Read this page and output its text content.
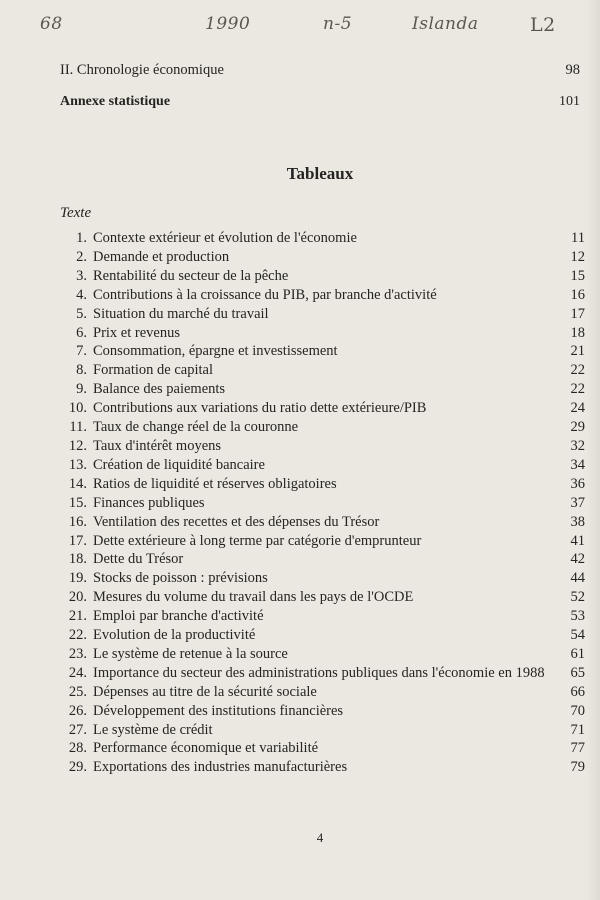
68	1990	n-5	Islanda	L2
II. Chronologie économique	98
Annexe statistique	101
Tableaux
Texte
1. Contexte extérieur et évolution de l'économie	11
2. Demande et production	12
3. Rentabilité du secteur de la pêche	15
4. Contributions à la croissance du PIB, par branche d'activité	16
5. Situation du marché du travail	17
6. Prix et revenus	18
7. Consommation, épargne et investissement	21
8. Formation de capital	22
9. Balance des paiements	22
10. Contributions aux variations du ratio dette extérieure/PIB	24
11. Taux de change réel de la couronne	29
12. Taux d'intérêt moyens	32
13. Création de liquidité bancaire	34
14. Ratios de liquidité et réserves obligatoires	36
15. Finances publiques	37
16. Ventilation des recettes et des dépenses du Trésor	38
17. Dette extérieure à long terme par catégorie d'emprunteur	41
18. Dette du Trésor	42
19. Stocks de poisson : prévisions	44
20. Mesures du volume du travail dans les pays de l'OCDE	52
21. Emploi par branche d'activité	53
22. Evolution de la productivité	54
23. Le système de retenue à la source	61
24. Importance du secteur des administrations publiques dans l'économie en 1988	65
25. Dépenses au titre de la sécurité sociale	66
26. Développement des institutions financières	70
27. Le système de crédit	71
28. Performance économique et variabilité	77
29. Exportations des industries manufacturières	79
4
